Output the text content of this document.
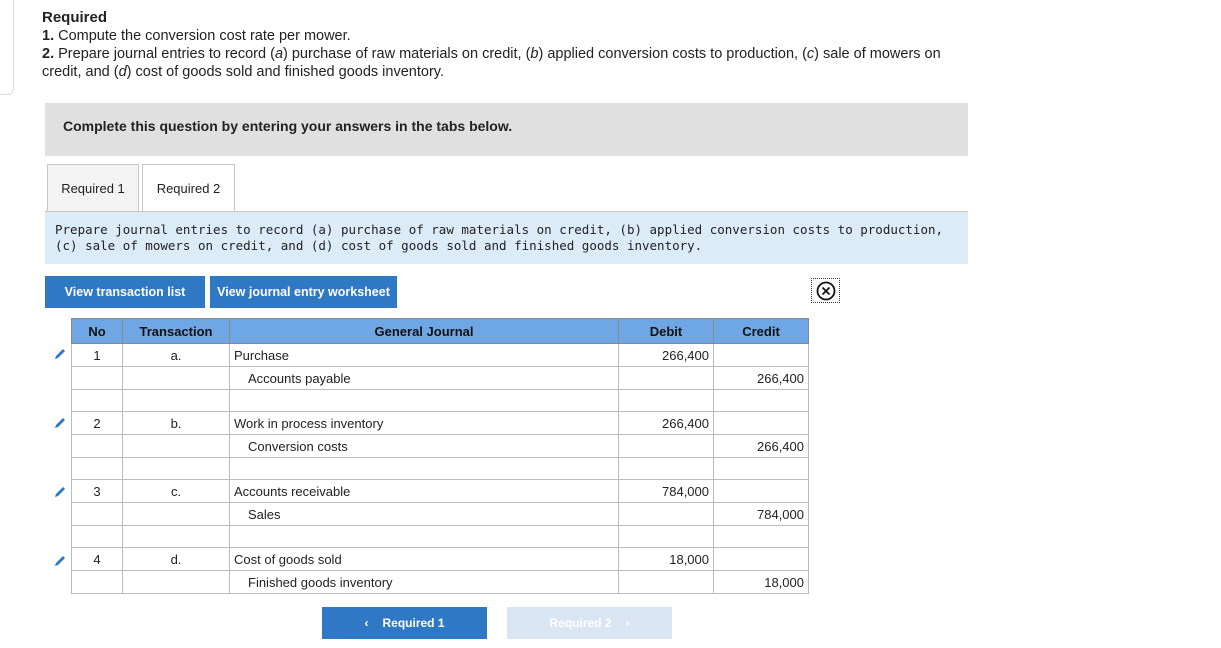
Required
1. Compute the conversion cost rate per mower.
2. Prepare journal entries to record (a) purchase of raw materials on credit, (b) applied conversion costs to production, (c) sale of mowers on credit, and (d) cost of goods sold and finished goods inventory.
Complete this question by entering your answers in the tabs below.
Required 1	Required 2
Prepare journal entries to record (a) purchase of raw materials on credit, (b) applied conversion costs to production, (c) sale of mowers on credit, and (d) cost of goods sold and finished goods inventory.
View transaction list	View journal entry worksheet
No	Transaction	General Journal	Debit	Credit
1	a.	Purchase	266,400	
		Accounts payable		266,400

2	b.	Work in process inventory	266,400	
		Conversion costs		266,400

3	c.	Accounts receivable	784,000	
		Sales		784,000

4	d.	Cost of goods sold	18,000	
		Finished goods inventory		18,000
‹ Required 1	Required 2 ›
